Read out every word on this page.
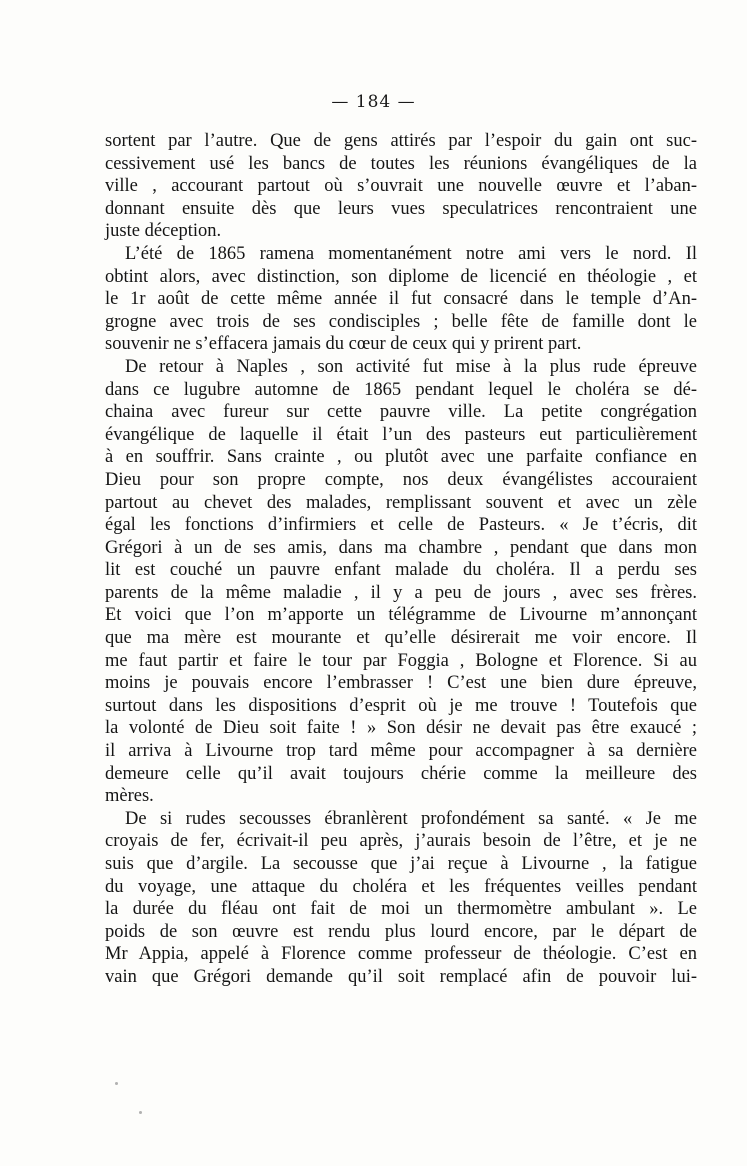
— 184 —
sortent par l’autre. Que de gens attirés par l’espoir du gain ont suc-
cessivement usé les bancs de toutes les réunions évangéliques de la
ville , accourant partout où s’ouvrait une nouvelle œuvre et l’aban-
donnant ensuite dès que leurs vues speculatrices rencontraient une
juste déception.
L’été de 1865 ramena momentanément notre ami vers le nord. Il
obtint alors, avec distinction, son diplome de licencié en théologie , et
le 1r août de cette même année il fut consacré dans le temple d’An-
grogne avec trois de ses condisciples ; belle fête de famille dont le
souvenir ne s’effacera jamais du cœur de ceux qui y prirent part.
De retour à Naples , son activité fut mise à la plus rude épreuve
dans ce lugubre automne de 1865 pendant lequel le choléra se dé-
chaina avec fureur sur cette pauvre ville. La petite congrégation
évangélique de laquelle il était l’un des pasteurs eut particulièrement
à en souffrir. Sans crainte , ou plutôt avec une parfaite confiance en
Dieu pour son propre compte, nos deux évangélistes accouraient
partout au chevet des malades, remplissant souvent et avec un zèle
égal les fonctions d’infirmiers et celle de Pasteurs. « Je t’écris, dit
Grégori à un de ses amis, dans ma chambre , pendant que dans mon
lit est couché un pauvre enfant malade du choléra. Il a perdu ses
parents de la même maladie , il y a peu de jours , avec ses frères.
Et voici que l’on m’apporte un télégramme de Livourne m’annonçant
que ma mère est mourante et qu’elle désirerait me voir encore. Il
me faut partir et faire le tour par Foggia , Bologne et Florence. Si au
moins je pouvais encore l’embrasser ! C’est une bien dure épreuve,
surtout dans les dispositions d’esprit où je me trouve ! Toutefois que
la volonté de Dieu soit faite ! » Son désir ne devait pas être exaucé ;
il arriva à Livourne trop tard même pour accompagner à sa dernière
demeure celle qu’il avait toujours chérie comme la meilleure des
mères.
De si rudes secousses ébranlèrent profondément sa santé. « Je me
croyais de fer, écrivait-il peu après, j’aurais besoin de l’être, et je ne
suis que d’argile. La secousse que j’ai reçue à Livourne , la fatigue
du voyage, une attaque du choléra et les fréquentes veilles pendant
la durée du fléau ont fait de moi un thermomètre ambulant ». Le
poids de son œuvre est rendu plus lourd encore, par le départ de
Mr Appia, appelé à Florence comme professeur de théologie. C’est en
vain que Grégori demande qu’il soit remplacé afin de pouvoir lui-
